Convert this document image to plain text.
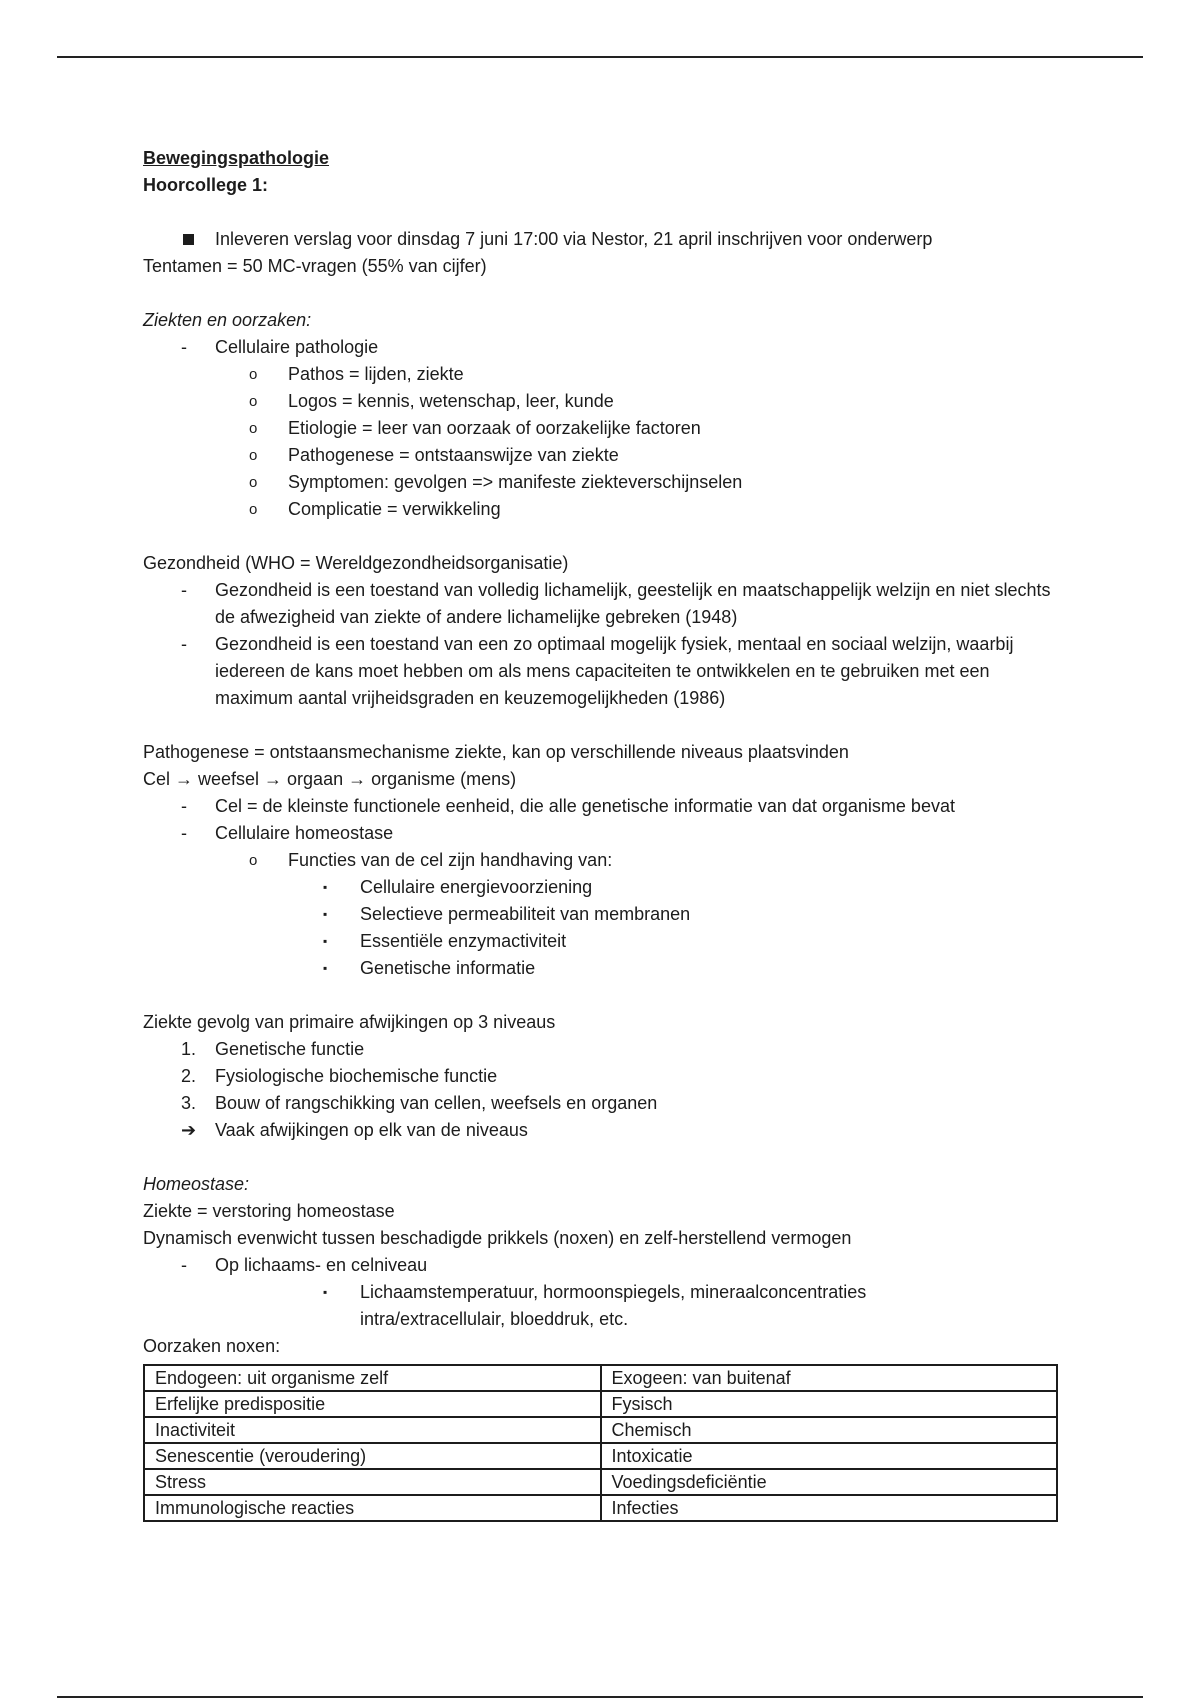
Bewegingspathologie
Hoorcollege 1:
Inleveren verslag voor dinsdag 7 juni 17:00 via Nestor, 21 april inschrijven voor onderwerp
Tentamen = 50 MC-vragen (55% van cijfer)
Ziekten en oorzaken:
- Cellulaire pathologie
o Pathos = lijden, ziekte
o Logos = kennis, wetenschap, leer, kunde
o Etiologie = leer van oorzaak of oorzakelijke factoren
o Pathogenese = ontstaanswijze van ziekte
o Symptomen: gevolgen => manifeste ziekteverschijnselen
o Complicatie = verwikkeling
Gezondheid (WHO = Wereldgezondheidsorganisatie)
- Gezondheid is een toestand van volledig lichamelijk, geestelijk en maatschappelijk welzijn en niet slechts de afwezigheid van ziekte of andere lichamelijke gebreken (1948)
- Gezondheid is een toestand van een zo optimaal mogelijk fysiek, mentaal en sociaal welzijn, waarbij iedereen de kans moet hebben om als mens capaciteiten te ontwikkelen en te gebruiken met een maximum aantal vrijheidsgraden en keuzemogelijkheden (1986)
Pathogenese = ontstaansmechanisme ziekte, kan op verschillende niveaus plaatsvinden
Cel → weefsel → orgaan → organisme (mens)
- Cel = de kleinste functionele eenheid, die alle genetische informatie van dat organisme bevat
- Cellulaire homeostase
o Functies van de cel zijn handhaving van:
▪ Cellulaire energievoorziening
▪ Selectieve permeabiliteit van membranen
▪ Essentiële enzymactiviteit
▪ Genetische informatie
Ziekte gevolg van primaire afwijkingen op 3 niveaus
1. Genetische functie
2. Fysiologische biochemische functie
3. Bouw of rangschikking van cellen, weefsels en organen
➔ Vaak afwijkingen op elk van de niveaus
Homeostase:
Ziekte = verstoring homeostase
Dynamisch evenwicht tussen beschadigde prikkels (noxen) en zelf-herstellend vermogen
- Op lichaams- en celniveau
▪ Lichaamstemperatuur, hormoonspiegels, mineraalconcentraties
intra/extracellulair, bloeddruk, etc.
Oorzaken noxen:
Endogeen: uit organisme zelf	Exogeen: van buitenaf
Erfelijke predispositie	Fysisch
Inactiviteit	Chemisch
Senescentie (veroudering)	Intoxicatie
Stress	Voedingsdeficiëntie
Immunologische reacties	Infecties
